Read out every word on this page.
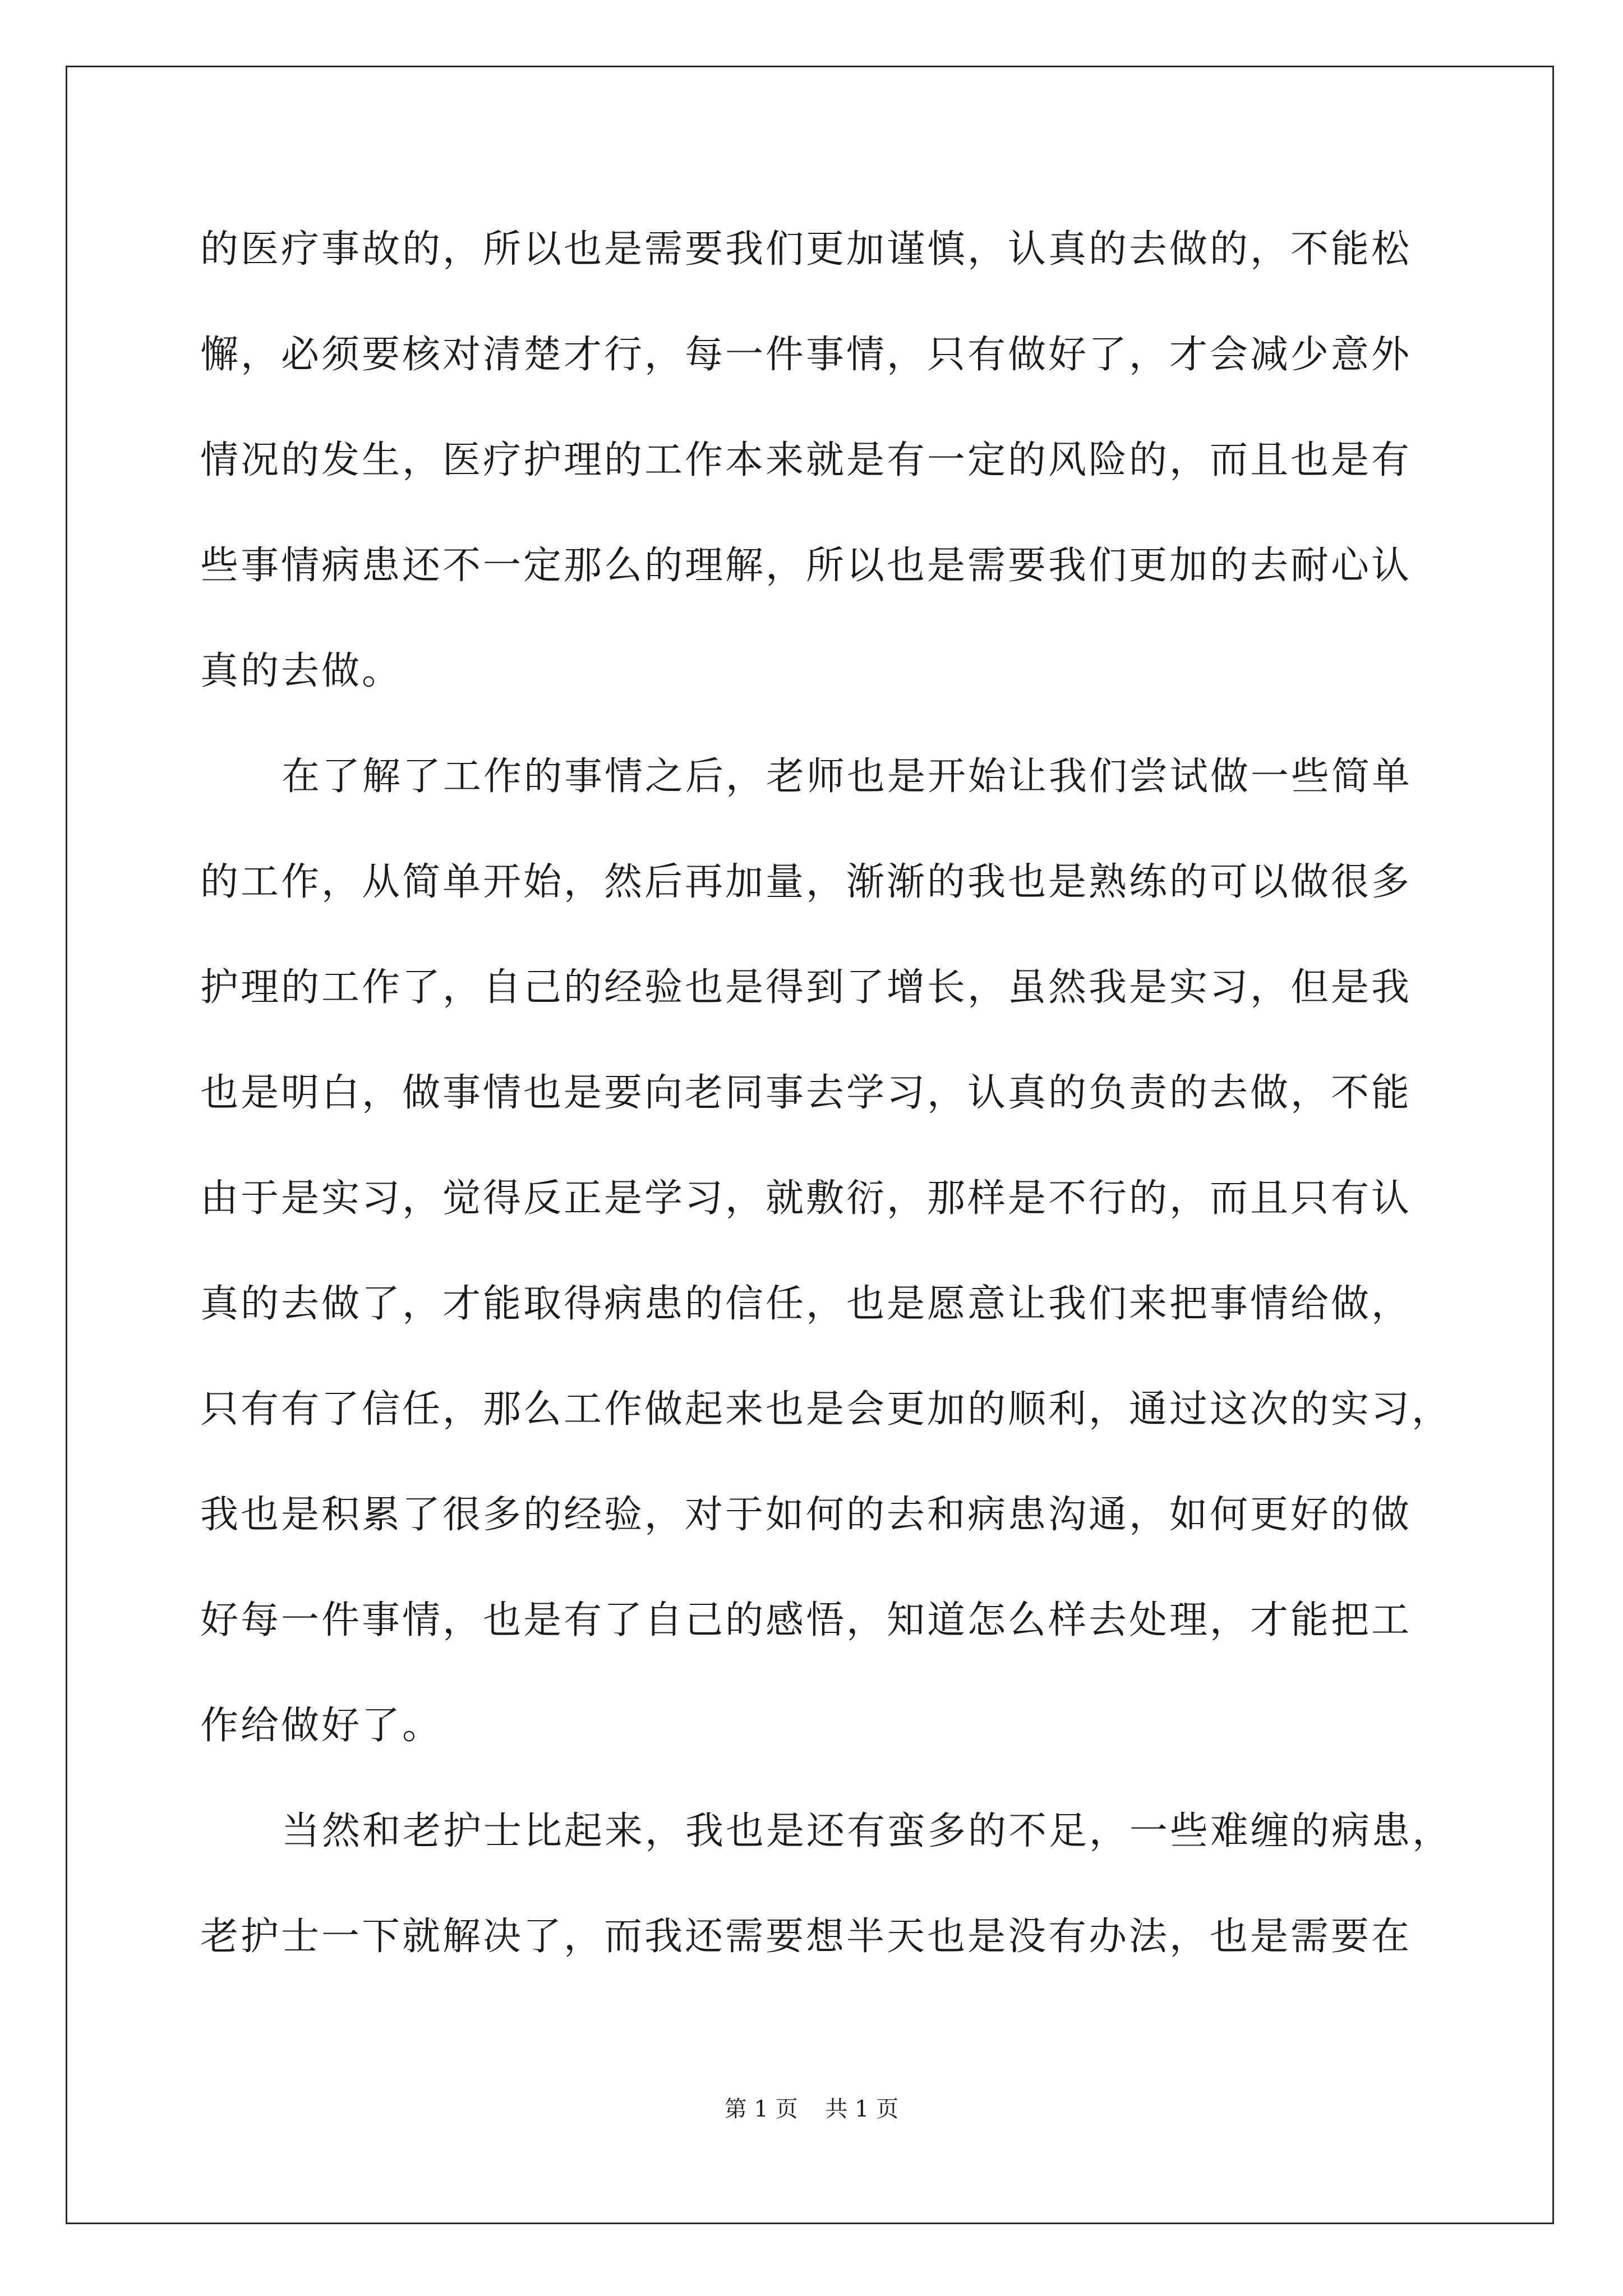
的医疗事故的，所以也是需要我们更加谨慎，认真的去做的，不能松
懈，必须要核对清楚才行，每一件事情，只有做好了，才会减少意外
情况的发生，医疗护理的工作本来就是有一定的风险的，而且也是有
些事情病患还不一定那么的理解，所以也是需要我们更加的去耐心认
真的去做。
在了解了工作的事情之后，老师也是开始让我们尝试做一些简单
的工作，从简单开始，然后再加量，渐渐的我也是熟练的可以做很多
护理的工作了，自己的经验也是得到了增长，虽然我是实习，但是我
也是明白，做事情也是要向老同事去学习，认真的负责的去做，不能
由于是实习，觉得反正是学习，就敷衍，那样是不行的，而且只有认
真的去做了，才能取得病患的信任，也是愿意让我们来把事情给做，
只有有了信任，那么工作做起来也是会更加的顺利，通过这次的实习，
我也是积累了很多的经验，对于如何的去和病患沟通，如何更好的做
好每一件事情，也是有了自己的感悟，知道怎么样去处理，才能把工
作给做好了。
当然和老护士比起来，我也是还有蛮多的不足，一些难缠的病患，
老护士一下就解决了，而我还需要想半天也是没有办法，也是需要在
第 1 页 共 1 页
